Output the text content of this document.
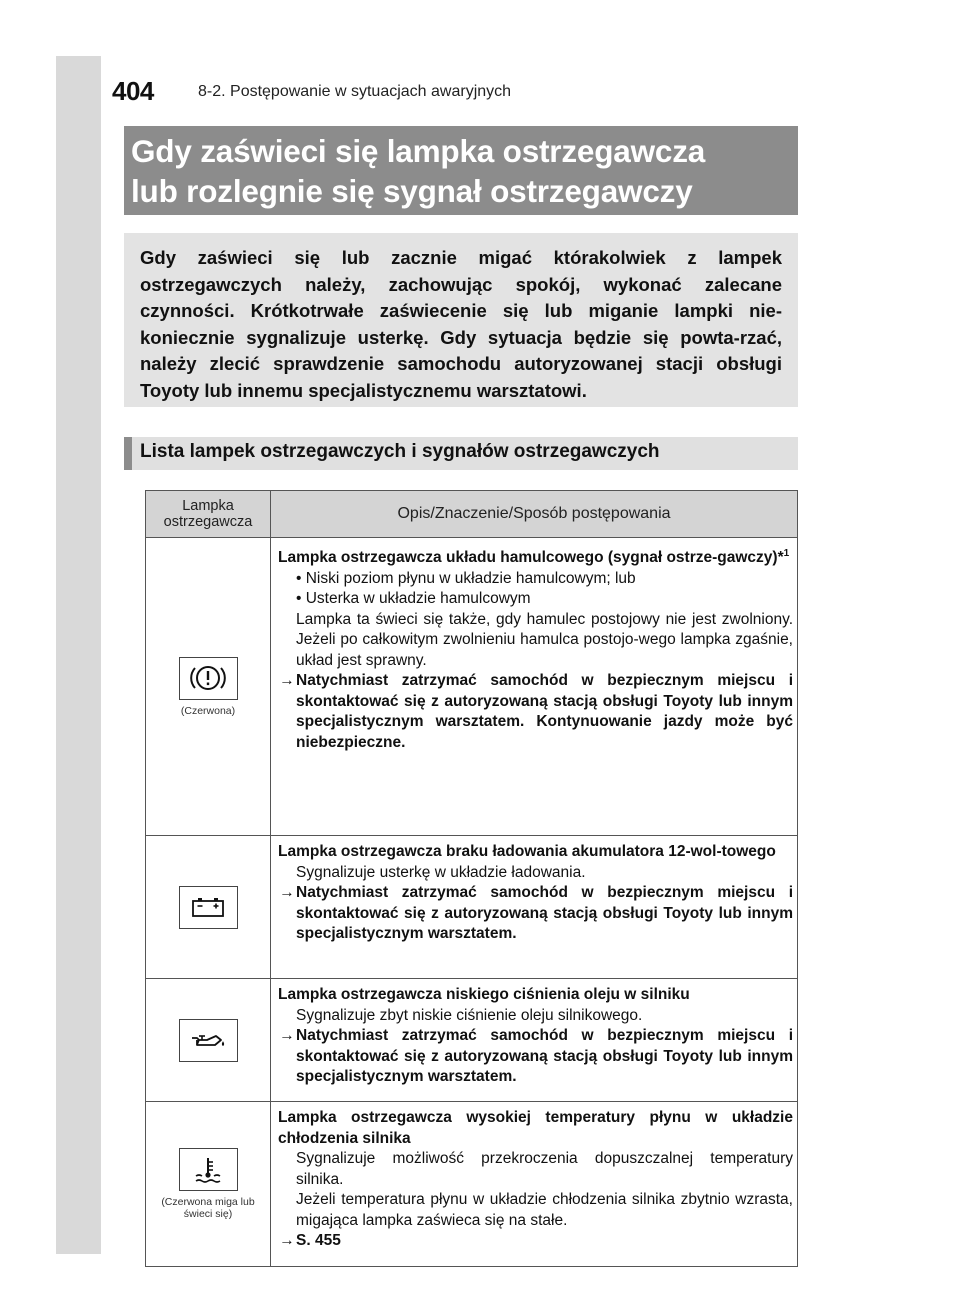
404	8-2. Postępowanie w sytuacjach awaryjnych
Gdy zaświeci się lampka ostrzegawcza
lub rozlegnie się sygnał ostrzegawczy

Gdy zaświeci się lub zacznie migać którakolwiek z lampek ostrzegawczych należy, zachowując spokój, wykonać zalecane czynności. Krótkotrwałe zaświecenie się lub miganie lampki nie-koniecznie sygnalizuje usterkę. Gdy sytuacja będzie się powta-rzać, należy zlecić sprawdzenie samochodu autoryzowanej stacji obsługi Toyoty lub innemu specjalistycznemu warsztatowi.

Lista lampek ostrzegawczych i sygnałów ostrzegawczych
Lampka ostrzegawcza	Opis/Znaczenie/Sposób postępowania
(Czerwona)
Lampka ostrzegawcza układu hamulcowego (sygnał ostrze-gawczy)*$^1$
• Niski poziom płynu w układzie hamulcowym; lub
• Usterka w układzie hamulcowym
Lampka ta świeci się także, gdy hamulec postojowy nie jest zwolniony. Jeżeli po całkowitym zwolnieniu hamulca postojo-wego lampka zgaśnie, układ jest sprawny.
→Natychmiast zatrzymać samochód w bezpiecznym miejscu i skontaktować się z autoryzowaną stacją obsługi Toyoty lub innym specjalistycznym warsztatem. Kontynuowanie jazdy może być niebezpieczne.
Lampka ostrzegawcza braku ładowania akumulatora 12-wol-towego
Sygnalizuje usterkę w układzie ładowania.
→Natychmiast zatrzymać samochód w bezpiecznym miejscu i skontaktować się z autoryzowaną stacją obsługi Toyoty lub innym specjalistycznym warsztatem.
Lampka ostrzegawcza niskiego ciśnienia oleju w silniku
Sygnalizuje zbyt niskie ciśnienie oleju silnikowego.
→Natychmiast zatrzymać samochód w bezpiecznym miejscu i skontaktować się z autoryzowaną stacją obsługi Toyoty lub innym specjalistycznym warsztatem.
(Czerwona miga lub świeci się)
Lampka ostrzegawcza wysokiej temperatury płynu w układzie chłodzenia silnika
Sygnalizuje możliwość przekroczenia dopuszczalnej temperatury silnika.
Jeżeli temperatura płynu w układzie chłodzenia silnika zbytnio wzrasta, migająca lampka zaświeca się na stałe.
→S. 455
